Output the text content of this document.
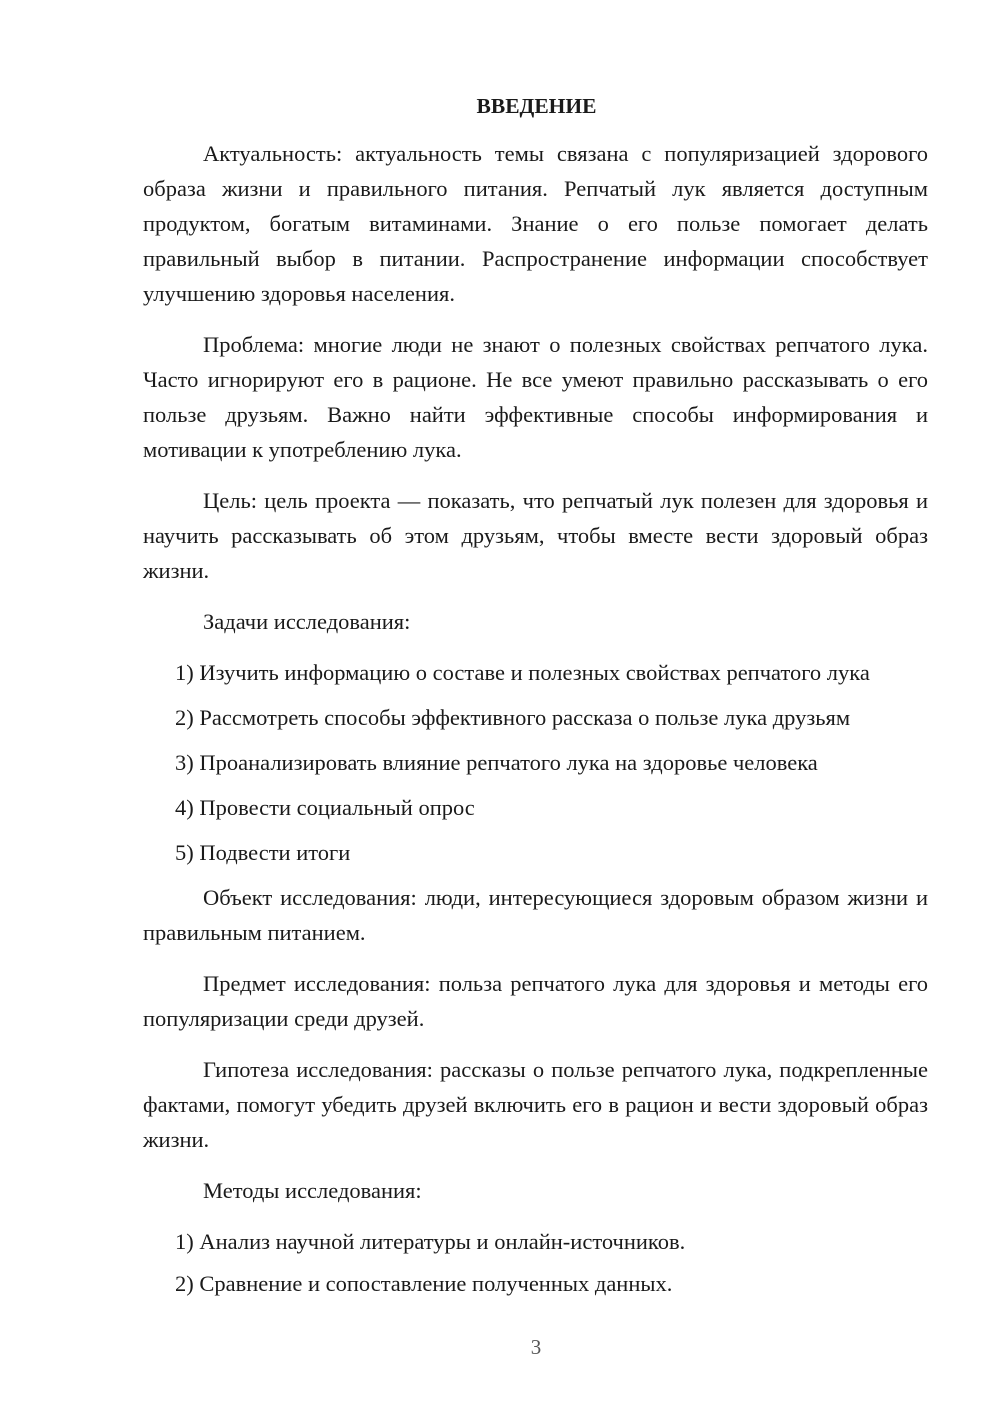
ВВЕДЕНИЕ

Актуальность: актуальность темы связана с популяризацией здорового образа жизни и правильного питания. Репчатый лук является доступным продуктом, богатым витаминами. Знание о его пользе помогает делать правильный выбор в питании. Распространение информации способствует улучшению здоровья населения.

Проблема: многие люди не знают о полезных свойствах репчатого лука. Часто игнорируют его в рационе. Не все умеют правильно рассказывать о его пользе друзьям. Важно найти эффективные способы информирования и мотивации к употреблению лука.

Цель: цель проекта — показать, что репчатый лук полезен для здоровья и научить рассказывать об этом друзьям, чтобы вместе вести здоровый образ жизни.

Задачи исследования:

1) Изучить информацию о составе и полезных свойствах репчатого лука

2) Рассмотреть способы эффективного рассказа о пользе лука друзьям

3) Проанализировать влияние репчатого лука на здоровье человека

4) Провести социальный опрос

5) Подвести итоги

Объект исследования: люди, интересующиеся здоровым образом жизни и правильным питанием.

Предмет исследования: польза репчатого лука для здоровья и методы его популяризации среди друзей.

Гипотеза исследования: рассказы о пользе репчатого лука, подкрепленные фактами, помогут убедить друзей включить его в рацион и вести здоровый образ жизни.

Методы исследования:

1) Анализ научной литературы и онлайн-источников.

2) Сравнение и сопоставление полученных данных.

3
